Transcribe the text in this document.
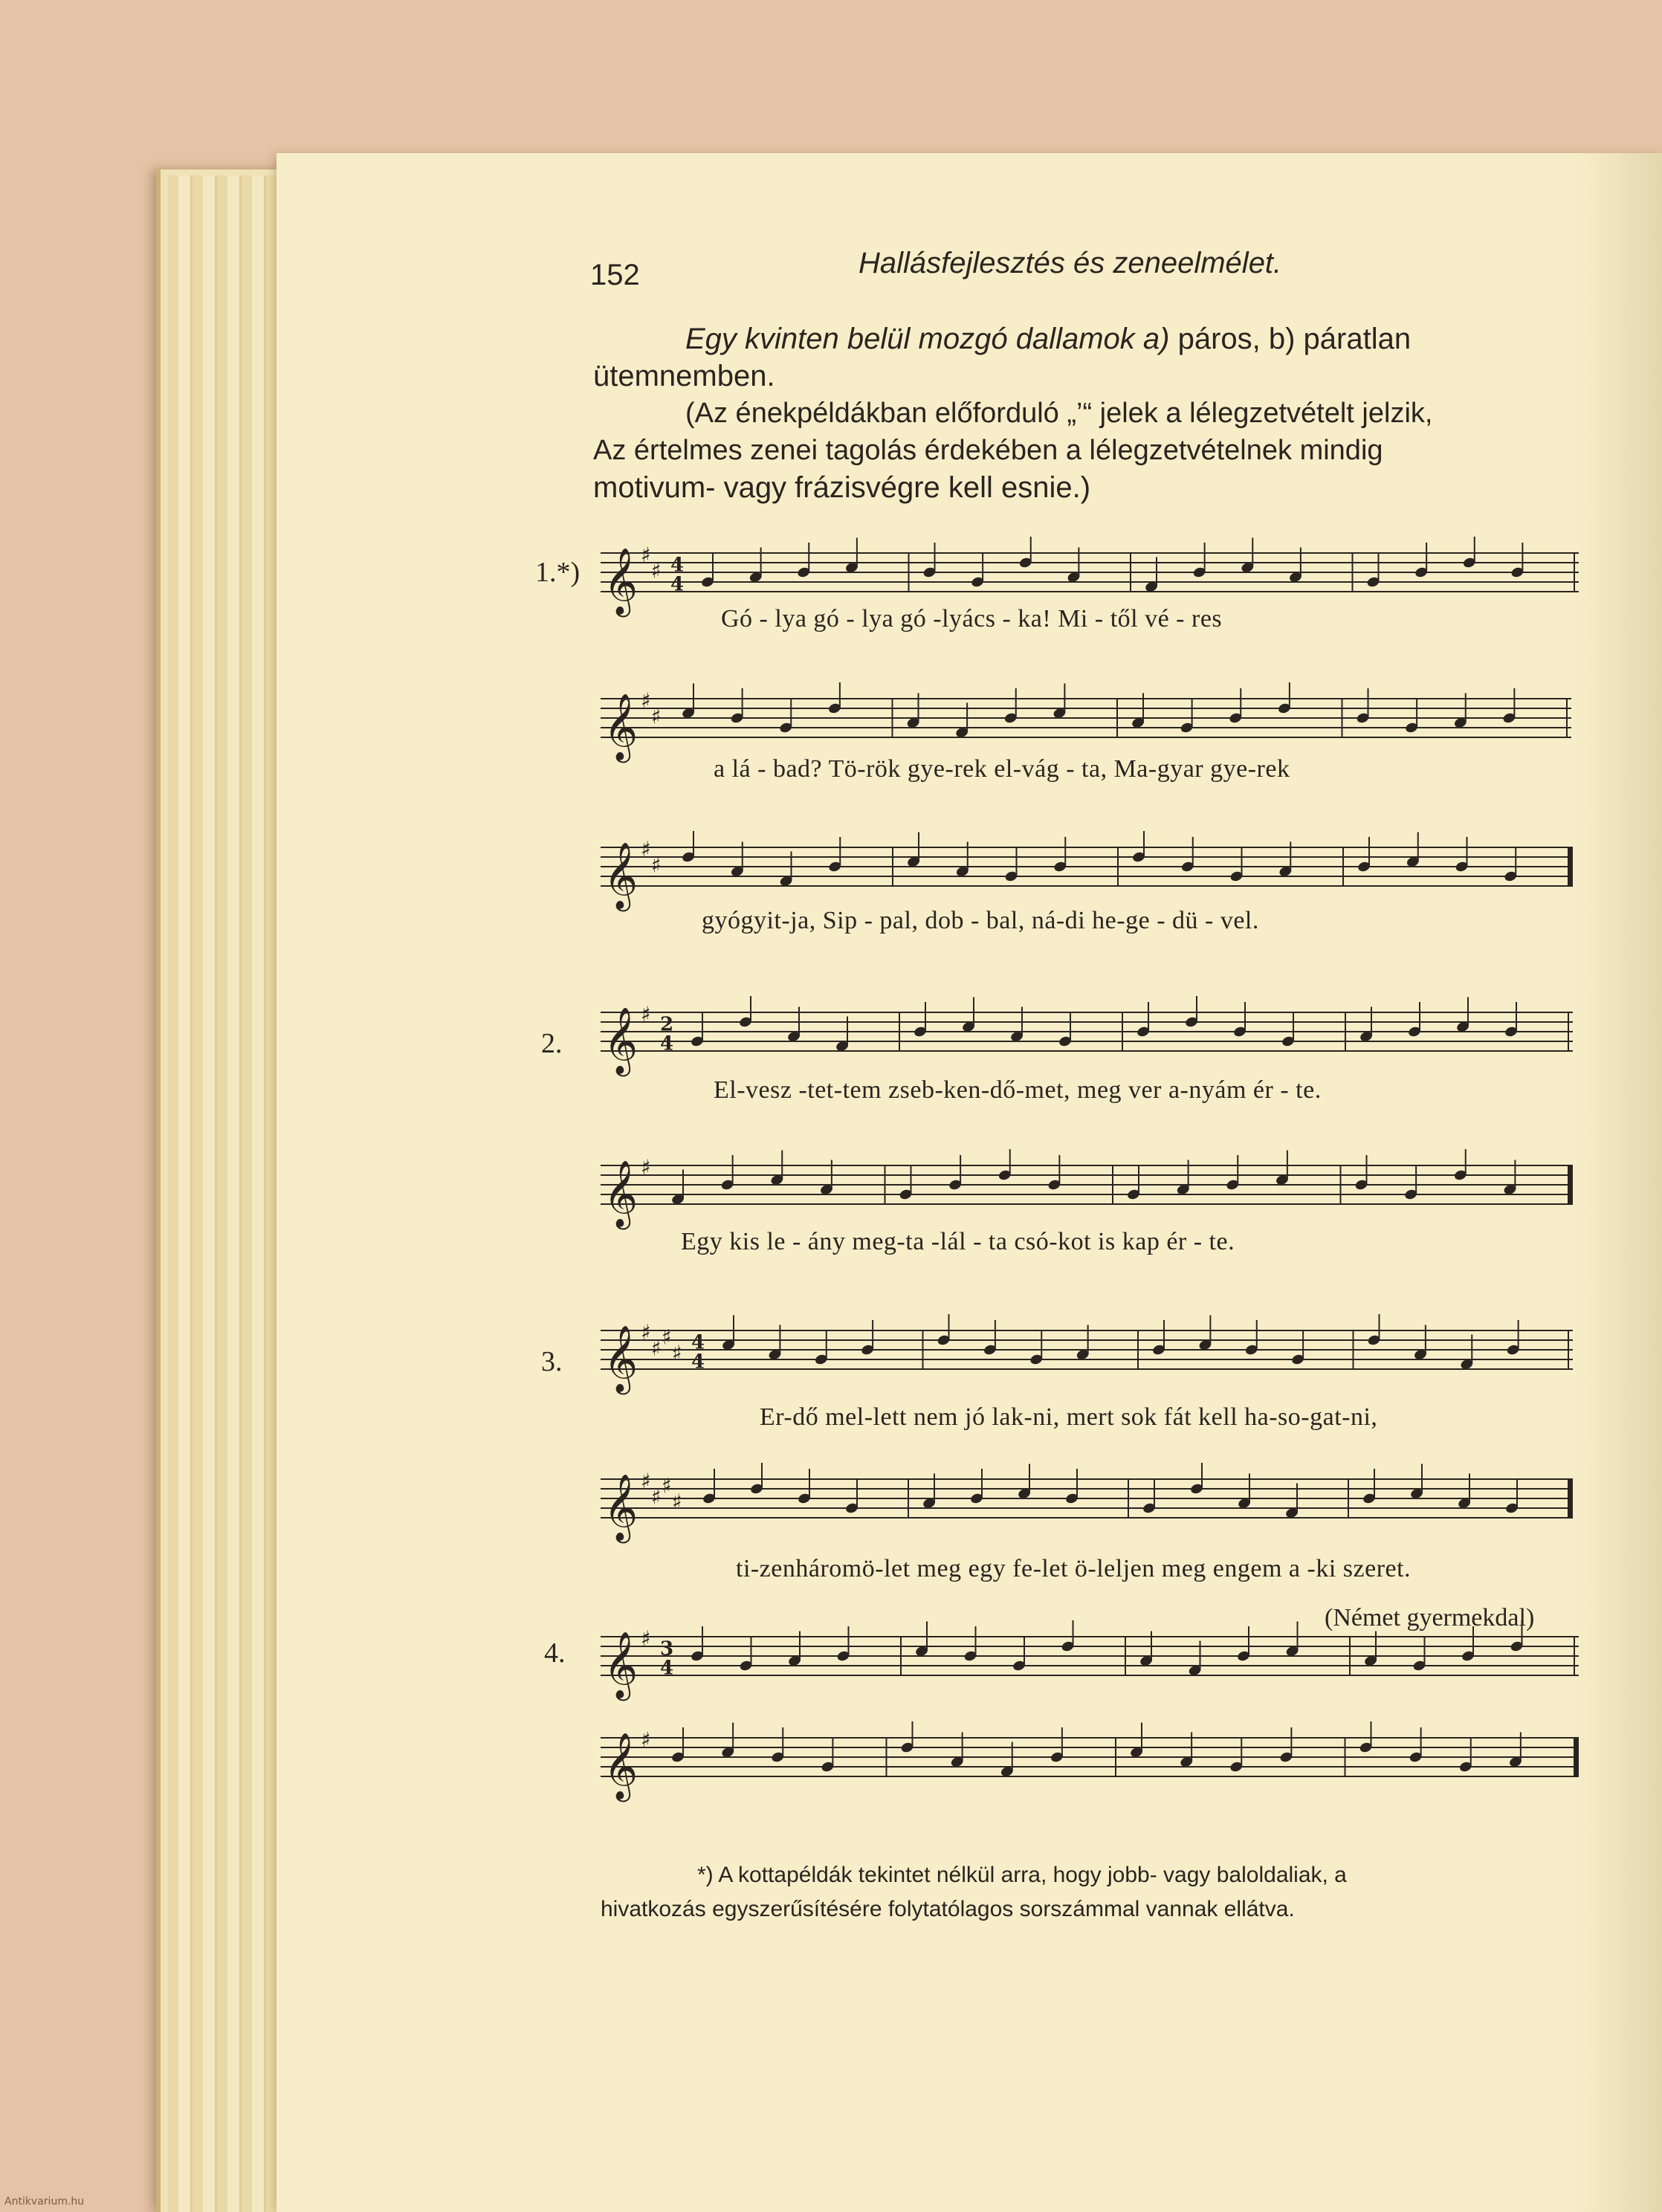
152	Hallásfejlesztés és zeneelmélet.
Egy kvinten belül mozgó dallamok a) páros, b) páratlan
ütemnemben.
(Az énekpéldákban előforduló „’“ jelek a lélegzetvételt jelzik,
Az értelmes zenei tagolás érdekében a lélegzetvételnek mindig
motivum- vagy frázisvégre kell esnie.)
1.*) 𝄞 ♯
♯ 4
4
Gó - lya gó - lya gó -lyács - ka! Mi - től vé - res
𝄞 ♯
♯
a lá - bad? Tö-rök gye-rek el-vág - ta, Ma-gyar gye-rek
𝄞 ♯
♯
gyógyit-ja, Sip - pal, dob - bal, ná-di he-ge - dü - vel.
2. 𝄞 ♯ 2
4
El-vesz -tet-tem zseb-ken-dő-met, meg ver a-nyám ér - te.
𝄞 ♯
Egy kis le - ány meg-ta -lál - ta csó-kot is kap ér - te.
3. 𝄞 ♯
♯ ♯
♯ 4
4
Er-dő mel-lett nem jó lak-ni, mert sok fát kell ha-so-gat-ni,
𝄞 ♯
♯ ♯
♯
ti-zenháromö-let meg egy fe-let ö-leljen meg engem a -ki szeret.
(Német gyermekdal)
4. 𝄞 ♯ 3
4
𝄞 ♯
*) A kottapéldák tekintet nélkül arra, hogy jobb- vagy baloldaliak, a
hivatkozás egyszerűsítésére folytatólagos sorszámmal vannak ellátva.
Antikvarium.hu
